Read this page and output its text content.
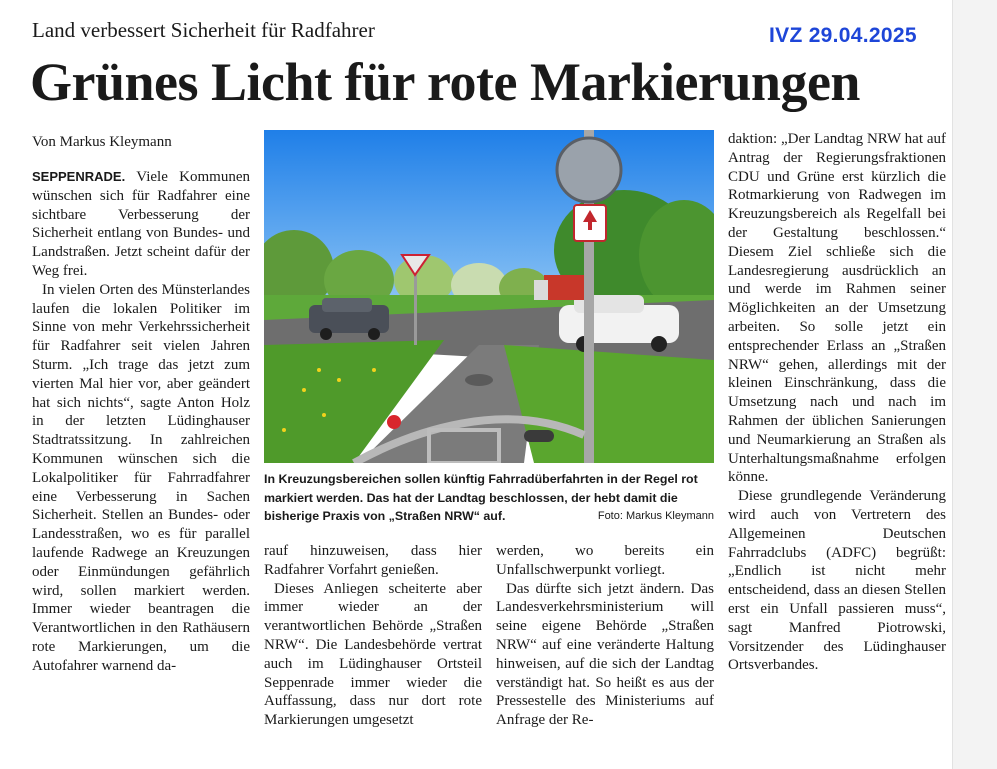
Land verbessert Sicherheit für Radfahrer	IVZ 29.04.2025
Grünes Licht für rote Markierungen
Von Markus Kleymann

SEPPENRADE. Viele Kommunen wünschen sich für Radfahrer eine sichtbare Verbesserung der Sicherheit entlang von Bundes- und Landstraßen. Jetzt scheint dafür der Weg frei.

In vielen Orten des Münsterlandes laufen die lokalen Politiker im Sinne von mehr Verkehrssicherheit für Radfahrer seit vielen Jahren Sturm. „Ich trage das jetzt zum vierten Mal hier vor, aber geändert hat sich nichts“, sagte Anton Holz in der letzten Lüdinghauser Stadtratssitzung. In zahlreichen Kommunen wünschen sich die Lokalpolitiker für Fahrradfahrer eine Verbesserung in Sachen Sicherheit. Stellen an Bundes- oder Landesstraßen, wo es für parallel laufende Radwege an Kreuzungen oder Einmündungen gefährlich wird, sollen markiert werden. Immer wieder beantragen die Verantwortlichen in den Rathäusern rote Markierungen, um die Autofahrer warnend da-

In Kreuzungsbereichen sollen künftig Fahrradüberfahrten in der Regel rot markiert werden. Das hat der Landtag beschlossen, der hebt damit die bisherige Praxis von „Straßen NRW“ auf.	Foto: Markus Kleymann

rauf hinzuweisen, dass hier Radfahrer Vorfahrt genießen.

Dieses Anliegen scheiterte aber immer wieder an der verantwortlichen Behörde „Straßen NRW“. Die Landesbehörde vertrat auch im Lüdinghauser Ortsteil Seppenrade immer wieder die Auffassung, dass nur dort rote Markierungen umgesetzt

werden, wo bereits ein Unfallschwerpunkt vorliegt.

Das dürfte sich jetzt ändern. Das Landesverkehrsministerium will seine eigene Behörde „Straßen NRW“ auf eine veränderte Haltung hinweisen, auf die sich der Landtag verständigt hat. So heißt es aus der Pressestelle des Ministeriums auf Anfrage der Re-

daktion: „Der Landtag NRW hat auf Antrag der Regierungsfraktionen CDU und Grüne erst kürzlich die Rotmarkierung von Radwegen im Kreuzungsbereich als Regelfall bei der Gestaltung beschlossen.“ Diesem Ziel schließe sich die Landesregierung ausdrücklich an und werde im Rahmen seiner Möglichkeiten an der Umsetzung arbeiten. So solle jetzt ein entsprechender Erlass an „Straßen NRW“ gehen, allerdings mit der kleinen Einschränkung, dass die Umsetzung nach und nach im Rahmen der üblichen Sanierungen und Neumarkierung an Straßen als Unterhaltungsmaßnahme erfolgen könne.

Diese grundlegende Veränderung wird auch von Vertretern des Allgemeinen Deutschen Fahrradclubs (ADFC) begrüßt: „Endlich ist nicht mehr entscheidend, dass an diesen Stellen erst ein Unfall passieren muss“, sagt Manfred Piotrowski, Vorsitzender des Lüdinghauser Ortsverbandes.
